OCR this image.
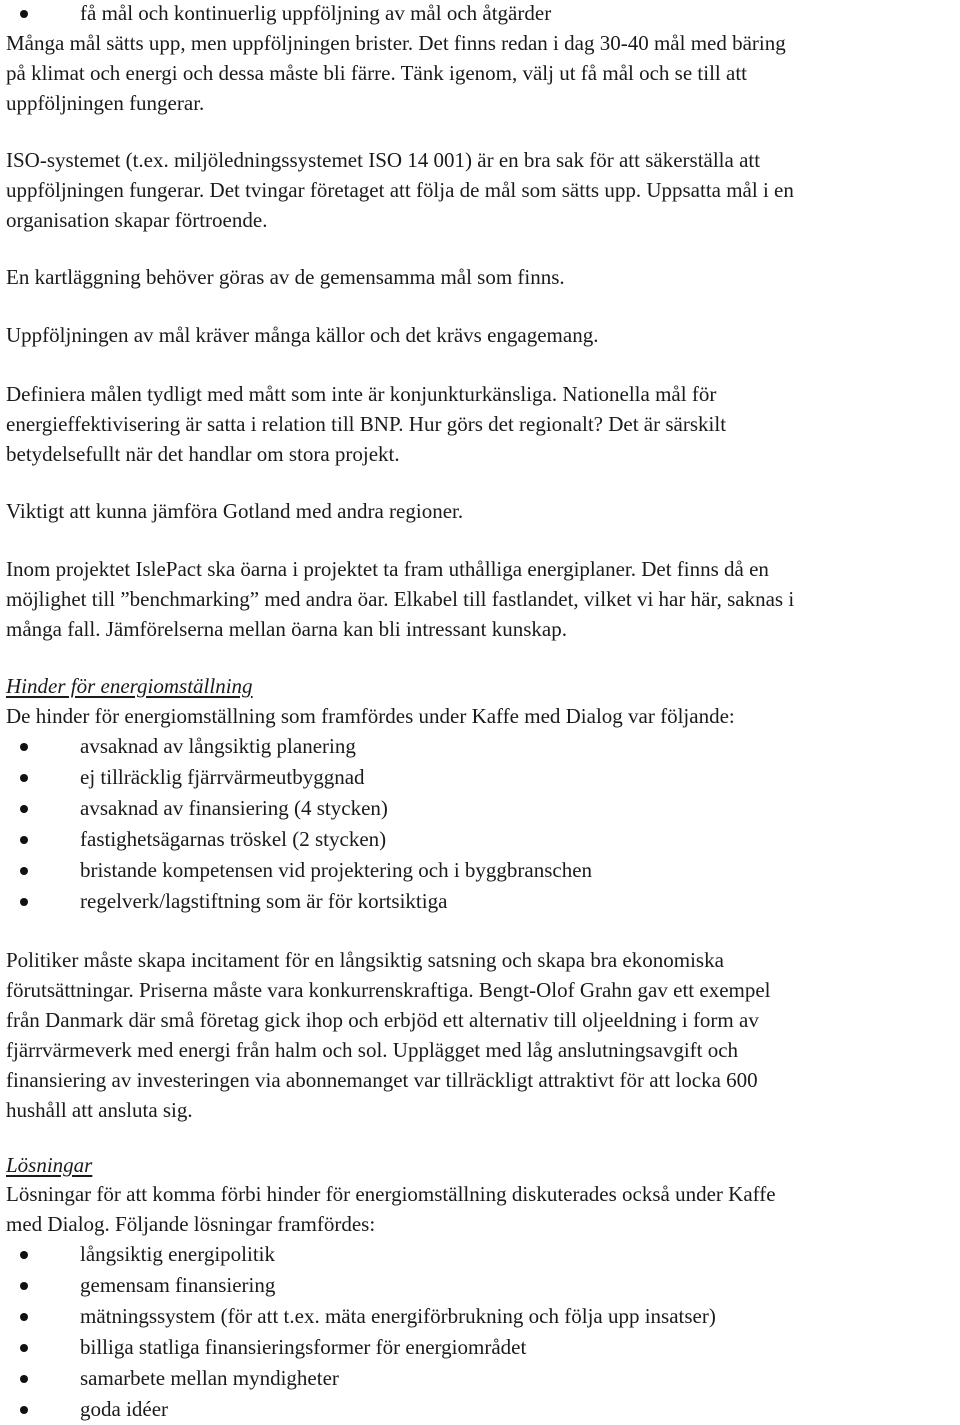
få mål och kontinuerlig uppföljning av mål och åtgärder

Många mål sätts upp, men uppföljningen brister. Det finns redan i dag 30-40 mål med bäring
på klimat och energi och dessa måste bli färre. Tänk igenom, välj ut få mål och se till att
uppföljningen fungerar.

ISO-systemet (t.ex. miljöledningssystemet ISO 14 001) är en bra sak för att säkerställa att
uppföljningen fungerar. Det tvingar företaget att följa de mål som sätts upp. Uppsatta mål i en
organisation skapar förtroende.

En kartläggning behöver göras av de gemensamma mål som finns.

Uppföljningen av mål kräver många källor och det krävs engagemang.

Definiera målen tydligt med mått som inte är konjunkturkänsliga. Nationella mål för
energieffektivisering är satta i relation till BNP. Hur görs det regionalt? Det är särskilt
betydelsefullt när det handlar om stora projekt.

Viktigt att kunna jämföra Gotland med andra regioner.

Inom projektet IslePact ska öarna i projektet ta fram uthålliga energiplaner. Det finns då en
möjlighet till ”benchmarking” med andra öar. Elkabel till fastlandet, vilket vi har här, saknas i
många fall. Jämförelserna mellan öarna kan bli intressant kunskap.

Hinder för energiomställning
De hinder för energiomställning som framfördes under Kaffe med Dialog var följande:
avsaknad av långsiktig planering
ej tillräcklig fjärrvärmeutbyggnad
avsaknad av finansiering (4 stycken)
fastighetsägarnas tröskel (2 stycken)
bristande kompetensen vid projektering och i byggbranschen
regelverk/lagstiftning som är för kortsiktiga

Politiker måste skapa incitament för en långsiktig satsning och skapa bra ekonomiska
förutsättningar. Priserna måste vara konkurrenskraftiga. Bengt-Olof Grahn gav ett exempel
från Danmark där små företag gick ihop och erbjöd ett alternativ till oljeeldning i form av
fjärrvärmeverk med energi från halm och sol. Upplägget med låg anslutningsavgift och
finansiering av investeringen via abonnemanget var tillräckligt attraktivt för att locka 600
hushåll att ansluta sig.

Lösningar
Lösningar för att komma förbi hinder för energiomställning diskuterades också under Kaffe
med Dialog. Följande lösningar framfördes:
långsiktig energipolitik
gemensam finansiering
mätningssystem (för att t.ex. mäta energiförbrukning och följa upp insatser)
billiga statliga finansieringsformer för energiområdet
samarbete mellan myndigheter
goda idéer
